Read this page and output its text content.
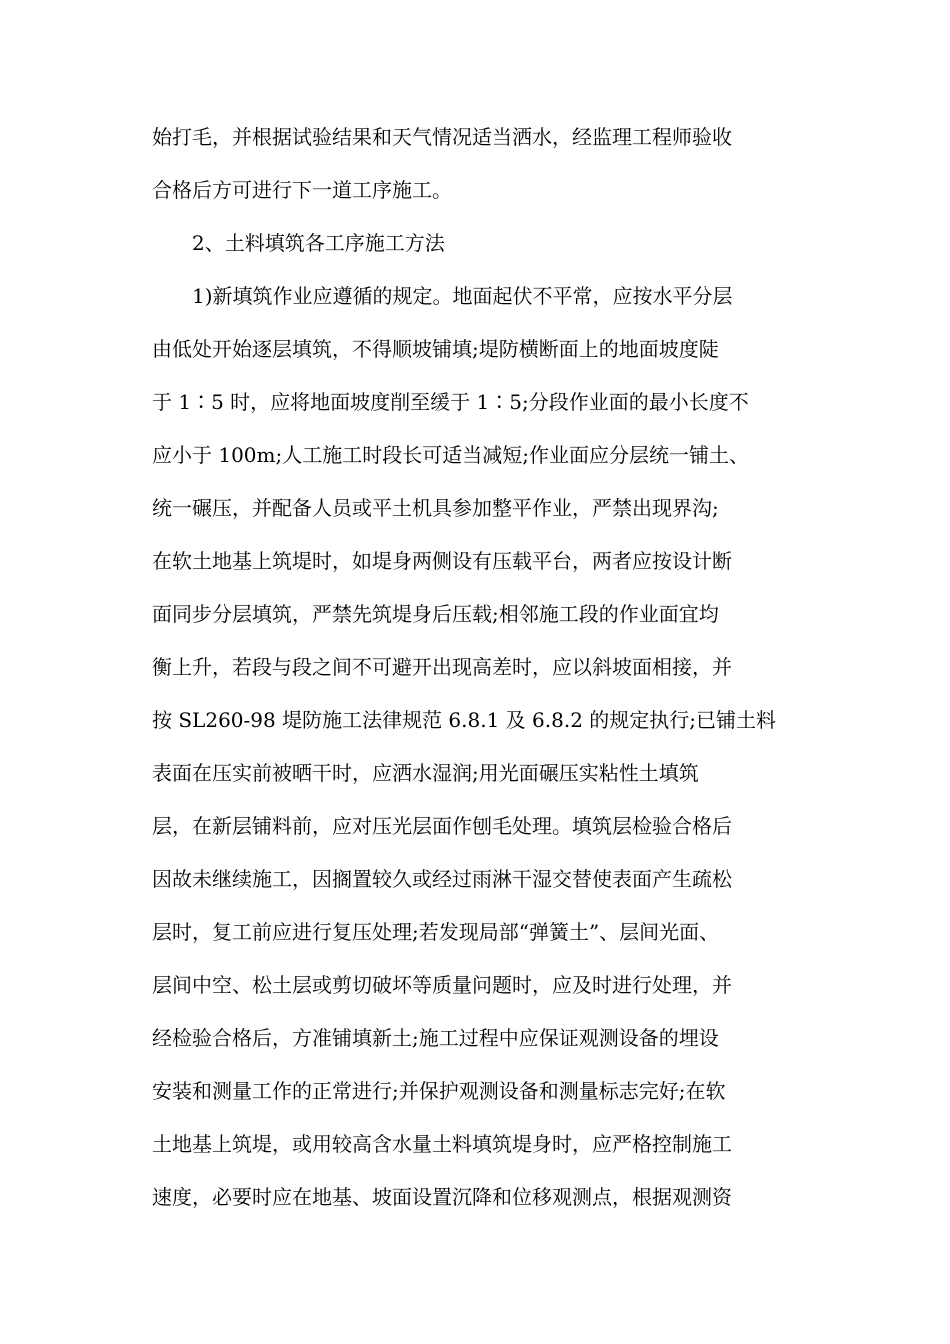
始打毛，并根据试验结果和天气情况适当洒水，经监理工程师验收
合格后方可进行下一道工序施工。
2、土料填筑各工序施工方法
1)新填筑作业应遵循的规定。地面起伏不平常，应按水平分层
由低处开始逐层填筑，不得顺坡铺填;堤防横断面上的地面坡度陡
于 1∶5 时，应将地面坡度削至缓于 1∶5;分段作业面的最小长度不
应小于 100m;人工施工时段长可适当减短;作业面应分层统一铺土、
统一碾压，并配备人员或平土机具参加整平作业，严禁出现界沟;
在软土地基上筑堤时，如堤身两侧设有压载平台，两者应按设计断
面同步分层填筑，严禁先筑堤身后压载;相邻施工段的作业面宜均
衡上升，若段与段之间不可避开出现高差时，应以斜坡面相接，并
按 SL260-98 堤防施工法律规范 6.8.1 及 6.8.2 的规定执行;已铺土料
表面在压实前被晒干时，应洒水湿润;用光面碾压实粘性土填筑
层，在新层铺料前，应对压光层面作刨毛处理。填筑层检验合格后
因故未继续施工，因搁置较久或经过雨淋干湿交替使表面产生疏松
层时，复工前应进行复压处理;若发现局部“弹簧土”、层间光面、
层间中空、松土层或剪切破坏等质量问题时，应及时进行处理，并
经检验合格后，方准铺填新土;施工过程中应保证观测设备的埋设
安装和测量工作的正常进行;并保护观测设备和测量标志完好;在软
土地基上筑堤，或用较高含水量土料填筑堤身时，应严格控制施工
速度，必要时应在地基、坡面设置沉降和位移观测点，根据观测资
